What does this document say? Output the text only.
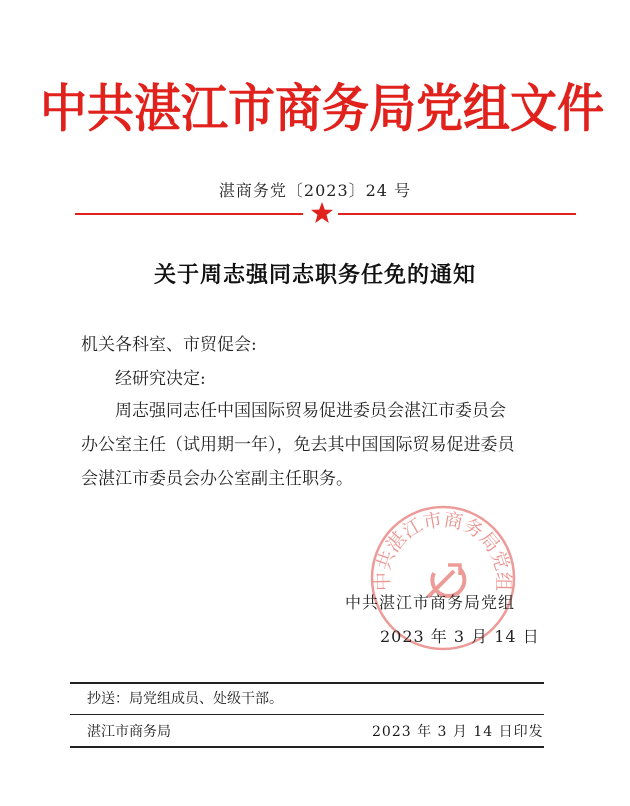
中共湛江市商务局党组文件
湛商务党〔2023〕24 号
关于周志强同志职务任免的通知
机关各科室、市贸促会:
经研究决定:
周志强同志任中国国际贸易促进委员会湛江市委员会
办公室主任（试用期一年），免去其中国国际贸易促进委员
会湛江市委员会办公室副主任职务。
中共湛江市商务局党组
中共湛江市商务局党组
2023 年 3 月 14 日
抄送：局党组成员、处级干部。
湛江市商务局	2023 年 3 月 14 日印发
